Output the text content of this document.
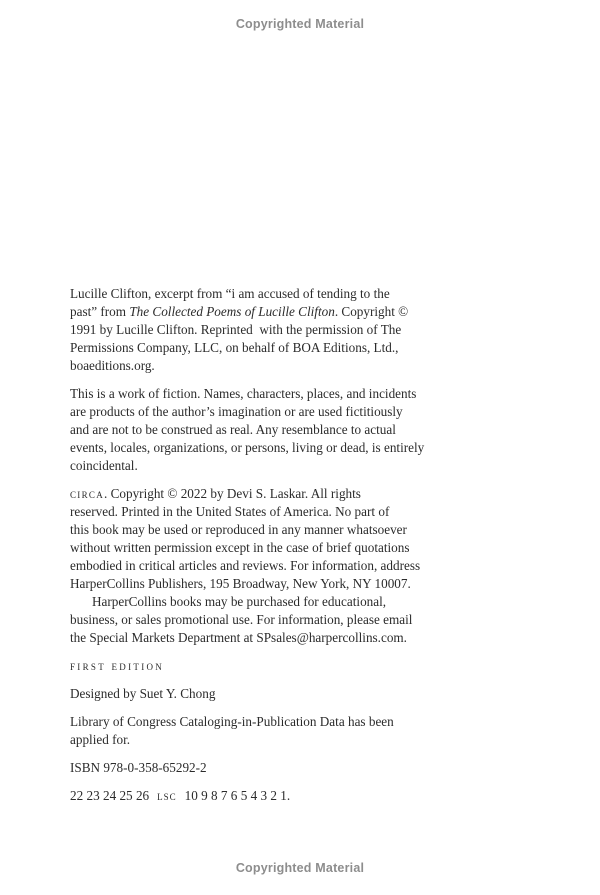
Copyrighted Material
Lucille Clifton, excerpt from “i am accused of tending to the
past” from The Collected Poems of Lucille Clifton. Copyright ©
1991 by Lucille Clifton. Reprinted  with the permission of The
Permissions Company, LLC, on behalf of BOA Editions, Ltd.,
boaeditions.org.
This is a work of fiction. Names, characters, places, and incidents
are products of the author’s imagination or are used fictitiously
and are not to be construed as real. Any resemblance to actual
events, locales, organizations, or persons, living or dead, is entirely
coincidental.
circa. Copyright © 2022 by Devi S. Laskar. All rights
reserved. Printed in the United States of America. No part of
this book may be used or reproduced in any manner whatsoever
without written permission except in the case of brief quotations
embodied in critical articles and reviews. For information, address
HarperCollins Publishers, 195 Broadway, New York, NY 10007.
HarperCollins books may be purchased for educational,
business, or sales promotional use. For information, please email
the Special Markets Department at SPsales@harpercollins.com.
first edition
Designed by Suet Y. Chong
Library of Congress Cataloging-in-Publication Data has been
applied for.
ISBN 978-0-358-65292-2
22 23 24 25 26 lsc 10 9 8 7 6 5 4 3 2 1.
Copyrighted Material
